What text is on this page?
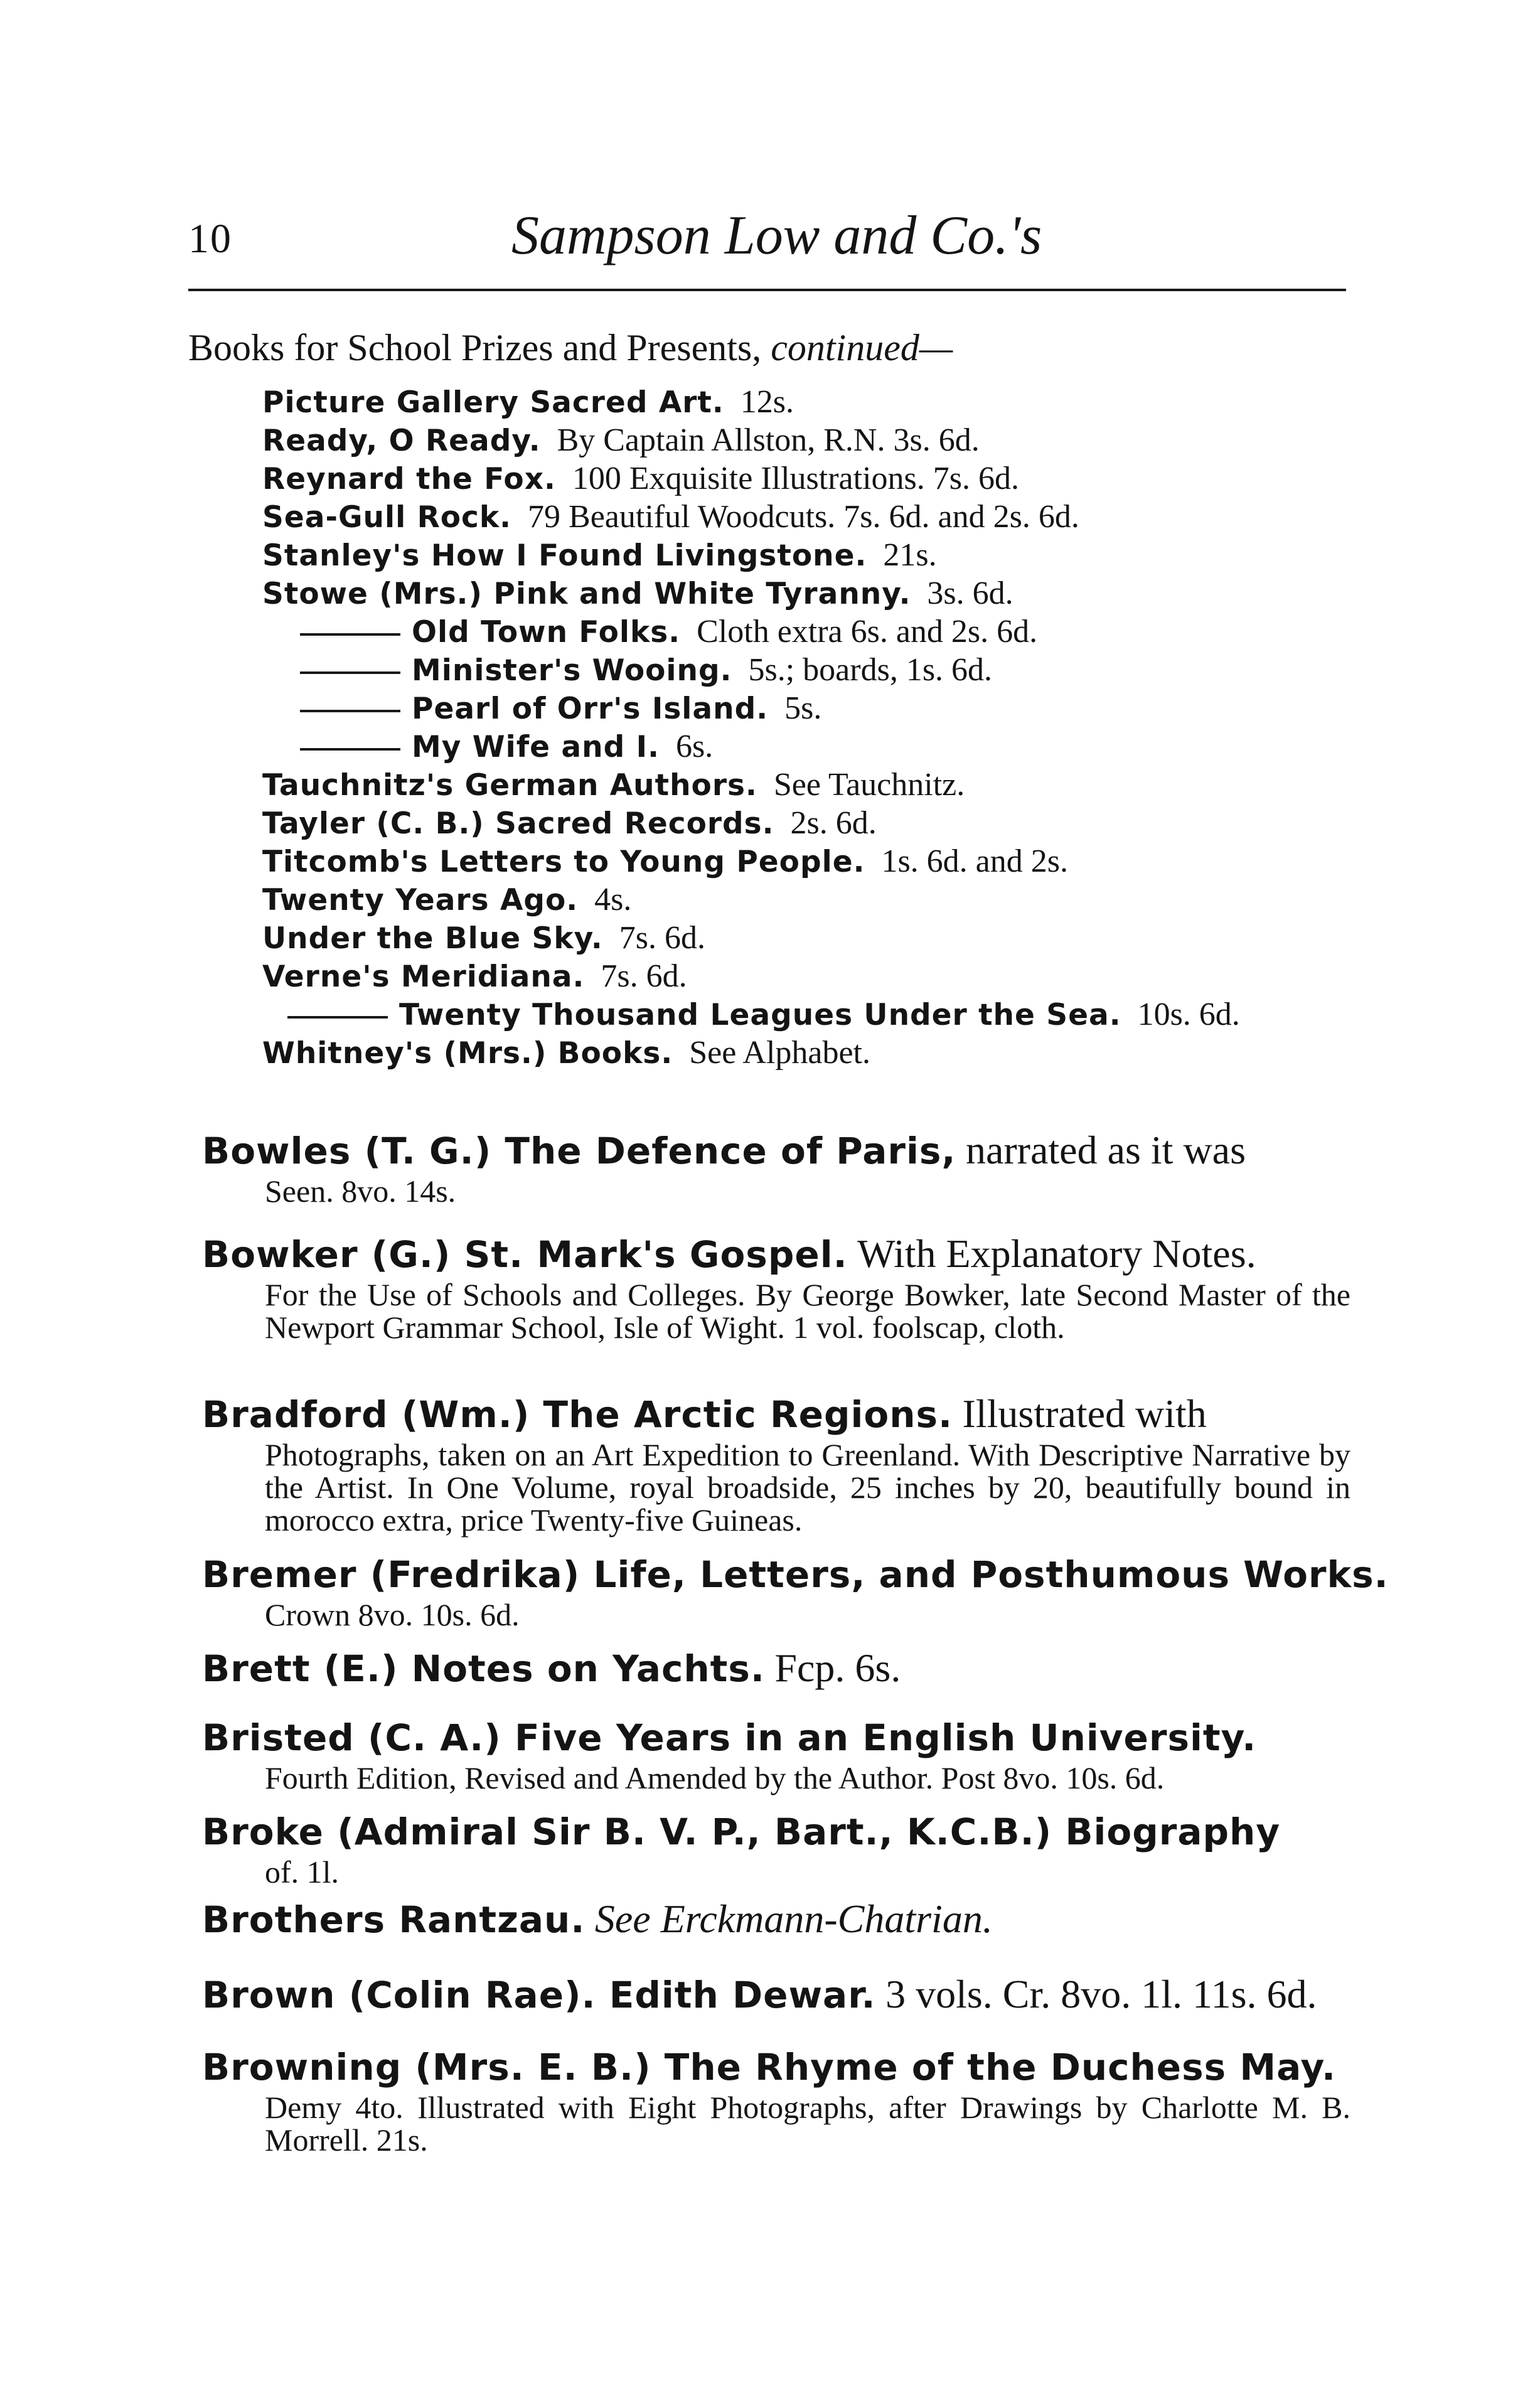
10	Sampson Low and Co.'s
Books for School Prizes and Presents, continued—
Picture Gallery Sacred Art. 12s.
Ready, O Ready. By Captain Allston, R.N. 3s. 6d.
Reynard the Fox. 100 Exquisite Illustrations. 7s. 6d.
Sea-Gull Rock. 79 Beautiful Woodcuts. 7s. 6d. and 2s. 6d.
Stanley's How I Found Livingstone. 21s.
Stowe (Mrs.) Pink and White Tyranny. 3s. 6d.
Old Town Folks. Cloth extra 6s. and 2s. 6d.
Minister's Wooing. 5s.; boards, 1s. 6d.
Pearl of Orr's Island. 5s.
My Wife and I. 6s.
Tauchnitz's German Authors. See Tauchnitz.
Tayler (C. B.) Sacred Records. 2s. 6d.
Titcomb's Letters to Young People. 1s. 6d. and 2s.
Twenty Years Ago. 4s.
Under the Blue Sky. 7s. 6d.
Verne's Meridiana. 7s. 6d.
Twenty Thousand Leagues Under the Sea. 10s. 6d.
Whitney's (Mrs.) Books. See Alphabet.
Bowles (T. G.) The Defence of Paris, narrated as it was
Seen. 8vo. 14s.
Bowker (G.) St. Mark's Gospel. With Explanatory Notes.
For the Use of Schools and Colleges. By George Bowker, late Second Master of the Newport Grammar School, Isle of Wight. 1 vol. foolscap, cloth.
Bradford (Wm.) The Arctic Regions. Illustrated with
Photographs, taken on an Art Expedition to Greenland. With Descriptive Narrative by the Artist. In One Volume, royal broadside, 25 inches by 20, beautifully bound in morocco extra, price Twenty-five Guineas.
Bremer (Fredrika) Life, Letters, and Posthumous Works.
Crown 8vo. 10s. 6d.
Brett (E.) Notes on Yachts. Fcp. 6s.
Bristed (C. A.) Five Years in an English University.
Fourth Edition, Revised and Amended by the Author. Post 8vo. 10s. 6d.
Broke (Admiral Sir B. V. P., Bart., K.C.B.) Biography
of. 1l.
Brothers Rantzau. See Erckmann-Chatrian.
Brown (Colin Rae). Edith Dewar. 3 vols. Cr. 8vo. 1l. 11s. 6d.
Browning (Mrs. E. B.) The Rhyme of the Duchess May.
Demy 4to. Illustrated with Eight Photographs, after Drawings by Charlotte M. B. Morrell. 21s.
